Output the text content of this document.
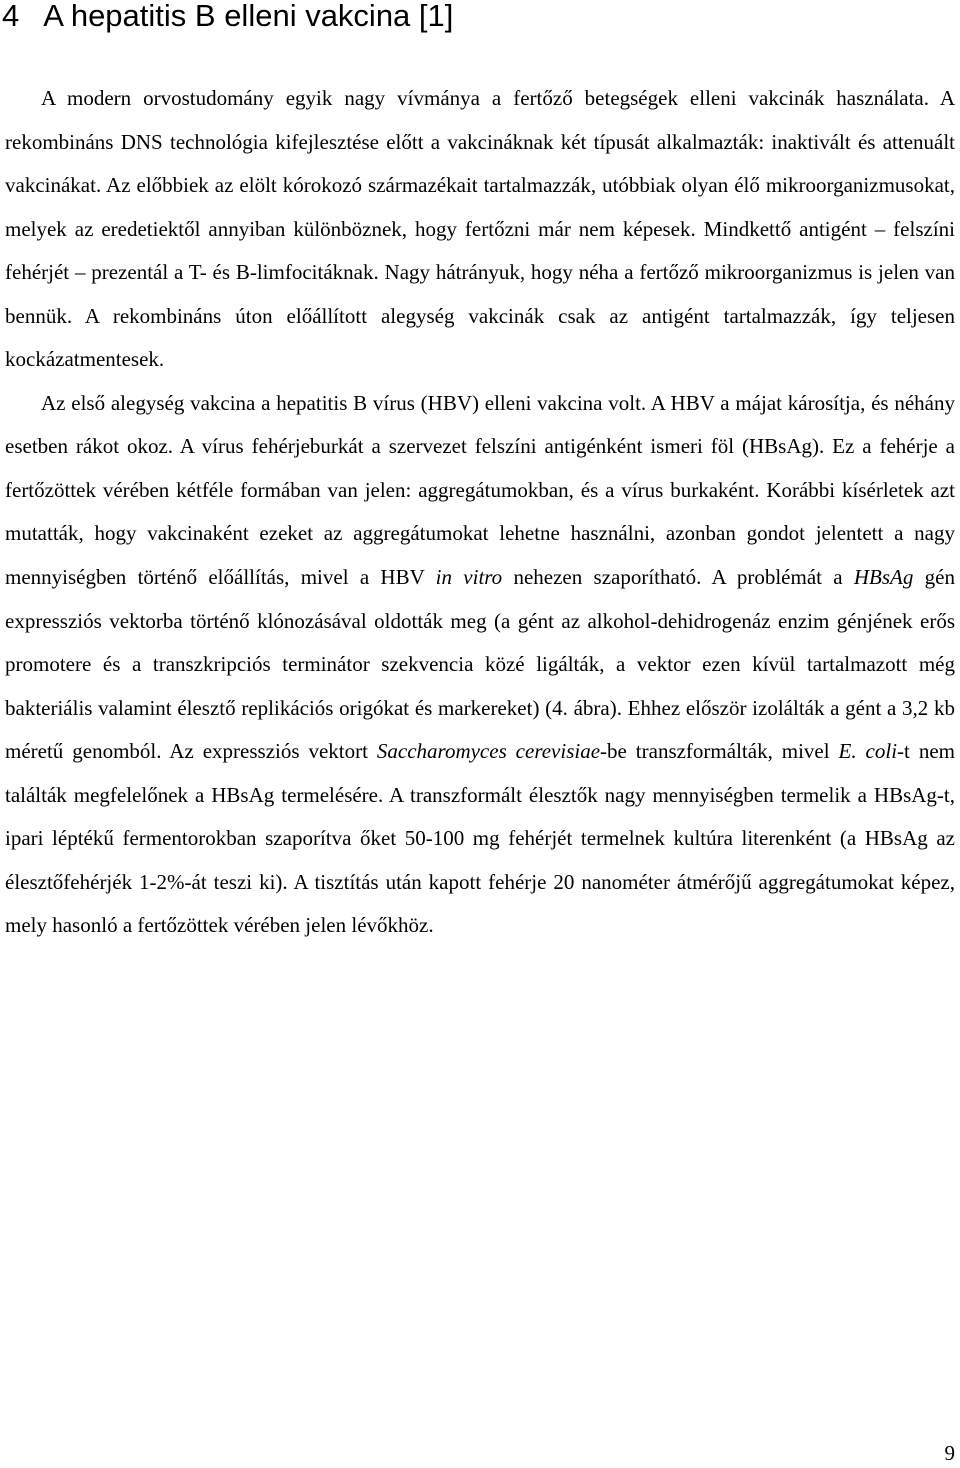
4 A hepatitis B elleni vakcina [1]

A modern orvostudomány egyik nagy vívmánya a fertőző betegségek elleni vakcinák használata. A rekombináns DNS technológia kifejlesztése előtt a vakcináknak két típusát alkalmazták: inaktivált és attenuált vakcinákat. Az előbbiek az elölt kórokozó származékait tartalmazzák, utóbbiak olyan élő mikroorganizmusokat, melyek az eredetiektől annyiban különböznek, hogy fertőzni már nem képesek. Mindkettő antigént – felszíni fehérjét – prezentál a T- és B-limfocitáknak. Nagy hátrányuk, hogy néha a fertőző mikroorganizmus is jelen van bennük. A rekombináns úton előállított alegység vakcinák csak az antigént tartalmazzák, így teljesen kockázatmentesek.

Az első alegység vakcina a hepatitis B vírus (HBV) elleni vakcina volt. A HBV a májat károsítja, és néhány esetben rákot okoz. A vírus fehérjeburkát a szervezet felszíni antigénként ismeri föl (HBsAg). Ez a fehérje a fertőzöttek vérében kétféle formában van jelen: aggregátumokban, és a vírus burkaként. Korábbi kísérletek azt mutatták, hogy vakcinaként ezeket az aggregátumokat lehetne használni, azonban gondot jelentett a nagy mennyiségben történő előállítás, mivel a HBV in vitro nehezen szaporítható. A problémát a HBsAg gén expressziós vektorba történő klónozásával oldották meg (a gént az alkohol-dehidrogenáz enzim génjének erős promotere és a transzkripciós terminátor szekvencia közé ligálták, a vektor ezen kívül tartalmazott még bakteriális valamint élesztő replikációs origókat és markereket) (4. ábra). Ehhez először izolálták a gént a 3,2 kb méretű genomból. Az expressziós vektort Saccharomyces cerevisiae-be transzformálták, mivel E. coli-t nem találták megfelelőnek a HBsAg termelésére. A transzformált élesztők nagy mennyiségben termelik a HBsAg-t, ipari léptékű fermentorokban szaporítva őket 50-100 mg fehérjét termelnek kultúra literenként (a HBsAg az élesztőfehérjék 1-2%-át teszi ki). A tisztítás után kapott fehérje 20 nanométer átmérőjű aggregátumokat képez, mely hasonló a fertőzöttek vérében jelen lévőkhöz.

9
